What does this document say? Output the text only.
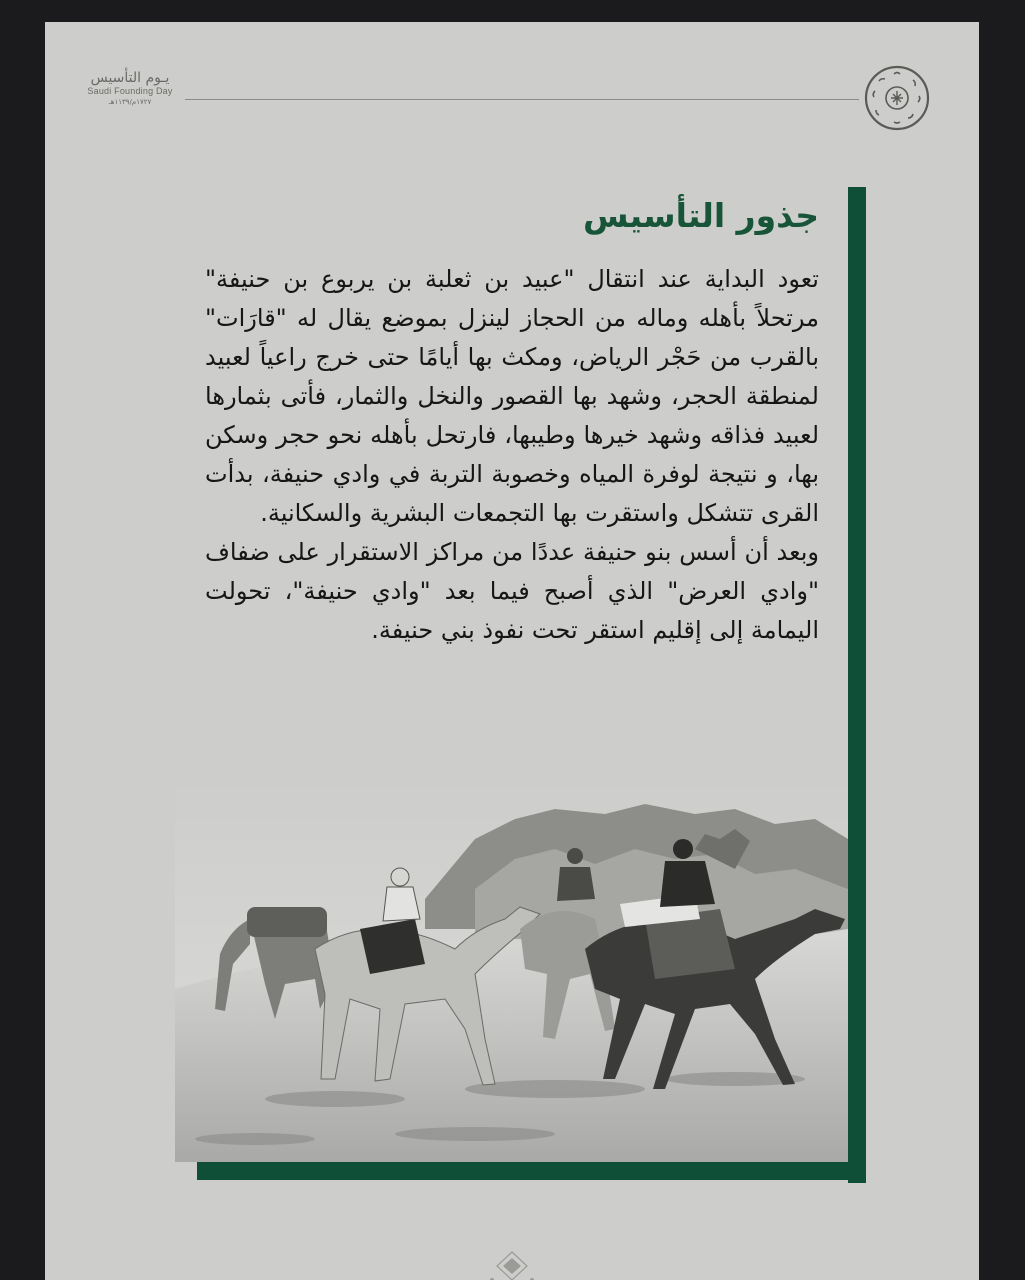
يـوم التأسيس
Saudi Founding Day
١٧٢٧م/١١٣٩هـ
جذور التأسيس

تعود البداية عند انتقال "عبيد بن ثعلبة بن يربوع بن حنيفة" مرتحلاً بأهله وماله من الحجاز لينزل بموضع يقال له "قارَات" بالقرب من حَجْر الرياض، ومكث بها أيامًا حتى خرج راعياً لعبيد لمنطقة الحجر، وشهد بها القصور والنخل والثمار، فأتى بثمارها لعبيد فذاقه وشهد خيرها وطيبها، فارتحل بأهله نحو حجر وسكن بها، و نتيجة لوفرة المياه وخصوبة التربة في وادي حنيفة، بدأت القرى تتشكل واستقرت بها التجمعات البشرية والسكانية.

وبعد أن أسس بنو حنيفة عددًا من مراكز الاستقرار على ضفاف "وادي العرض" الذي أصبح فيما بعد "وادي حنيفة"، تحولت اليمامة إلى إقليم استقر تحت نفوذ بني حنيفة.
